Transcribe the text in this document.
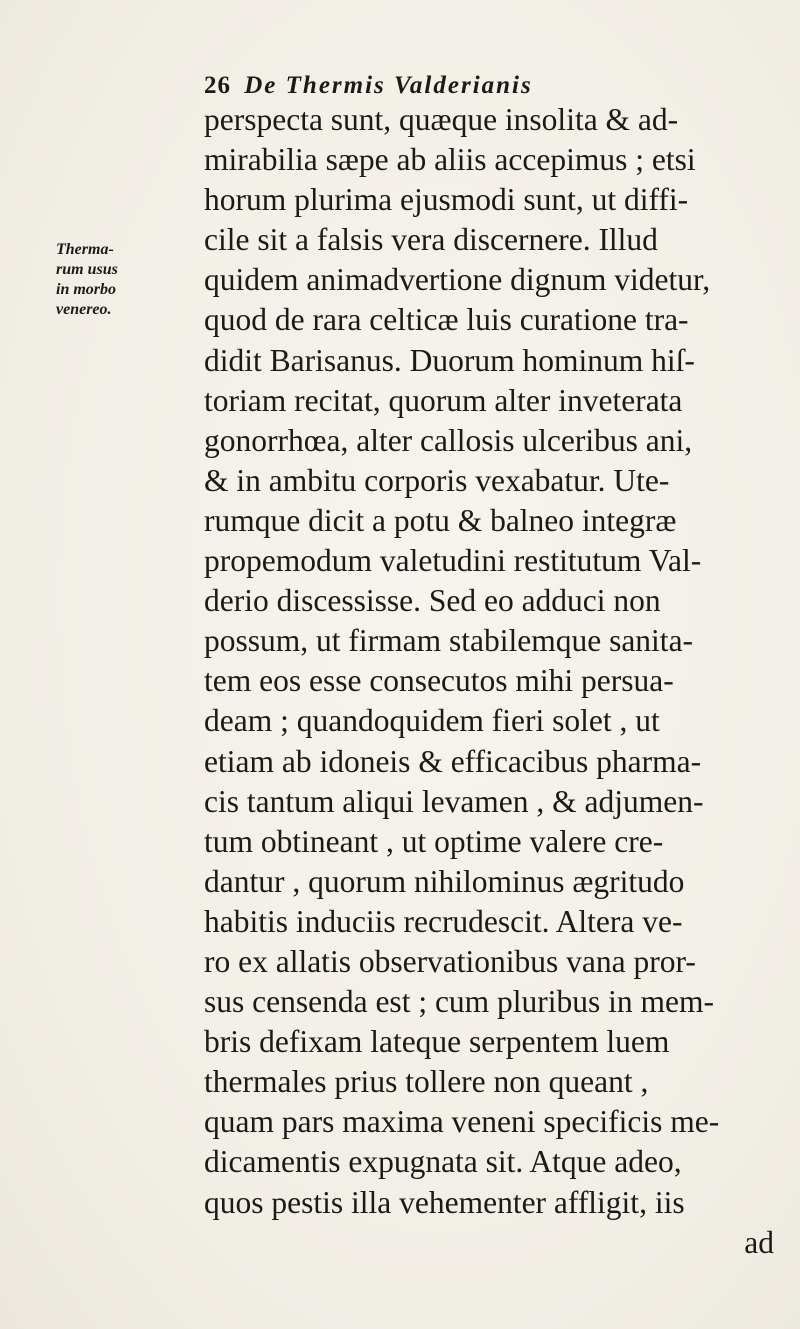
26 De Thermis Valderianis
Therma-
rum usus
in morbo
venereo.
perspecta sunt, quæque insolita & ad-
mirabilia sæpe ab aliis accepimus ; etsi
horum plurima ejusmodi sunt, ut diffi-
cile sit a falsis vera discernere. Illud
quidem animadvertione dignum videtur,
quod de rara celticæ luis curatione tra-
didit Barisanus. Duorum hominum hiſ-
toriam recitat, quorum alter inveterata
gonorrhœa, alter callosis ulceribus ani,
& in ambitu corporis vexabatur. Ute-
rumque dicit a potu & balneo integræ
propemodum valetudini restitutum Val-
derio discessisse. Sed eo adduci non
possum, ut firmam stabilemque sanita-
tem eos esse consecutos mihi persua-
deam ; quandoquidem fieri solet , ut
etiam ab idoneis & efficacibus pharma-
cis tantum aliqui levamen , & adjumen-
tum obtineant , ut optime valere cre-
dantur , quorum nihilominus ægritudo
habitis induciis recrudescit. Altera ve-
ro ex allatis observationibus vana pror-
sus censenda est ; cum pluribus in mem-
bris defixam lateque serpentem luem
thermales prius tollere non queant ,
quam pars maxima veneni specificis me-
dicamentis expugnata sit. Atque adeo,
quos pestis illa vehementer affligit, iis
ad
